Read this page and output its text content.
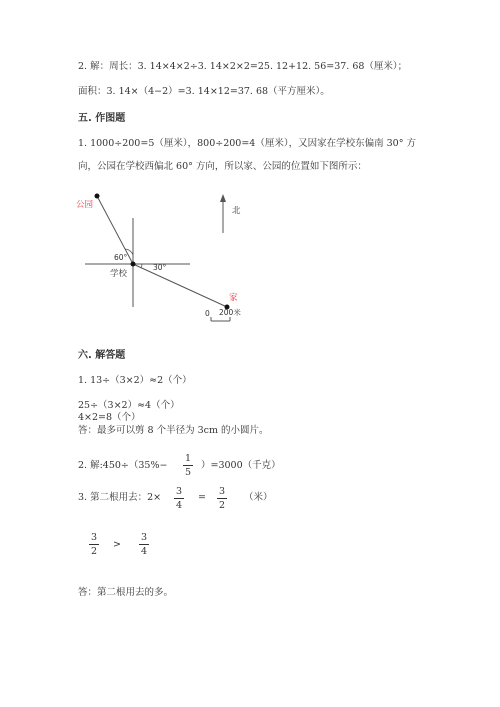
2. 解：周长：3. 14×4×2÷3. 14×2×2=25. 12+12. 56=37. 68（厘米）；
面积：3. 14×（4−2）=3. 14×12=37. 68（平方厘米）。
五. 作图题
1. 1000÷200=5（厘米），800÷200=4（厘米），又因家在学校东偏南 30° 方
向，公园在学校西偏北 60° 方向，所以家、公园的位置如下图所示：
公园
60°
30°
学校
家
北
0 200米
六. 解答题
1. 13÷（3×2）≈2（个）
25÷（3×2）≈4（个）
4×2=8（个）
答：最多可以剪 8 个半径为 3cm 的小圆片。
2. 解:450÷（35%−
1
5
）=3000（千克）
3. 第二根用去：2×
3
4
=
3
2
（米）
3
2
>
3
4
答：第二根用去的多。
